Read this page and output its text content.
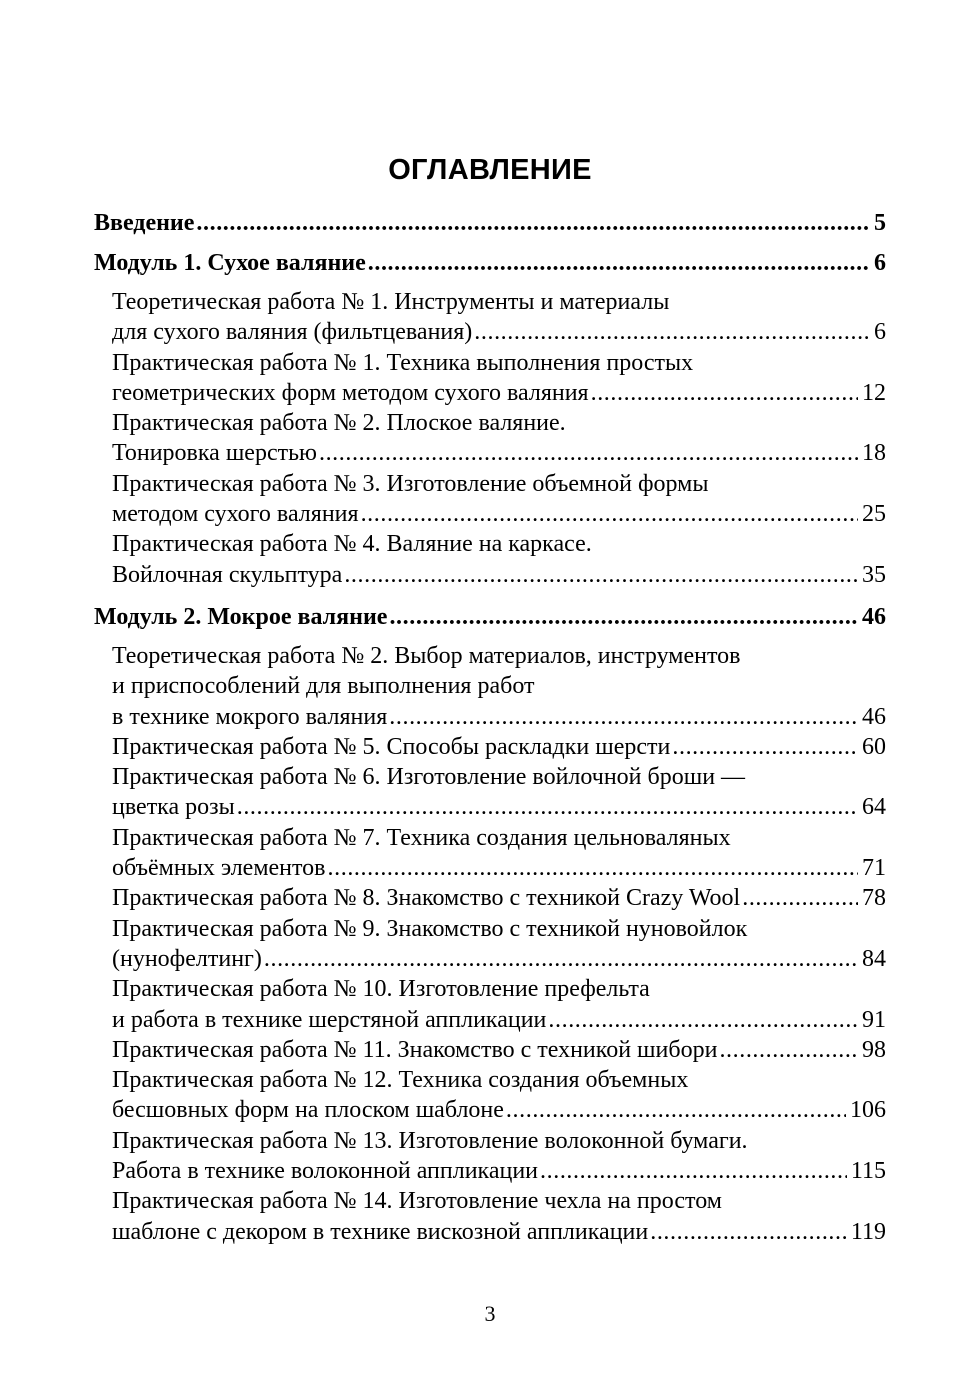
ОГЛАВЛЕНИЕ
Введение .....	5
Модуль 1. Сухое валяние .....	6
Теоретическая работа № 1. Инструменты и материалы
для сухого валяния (фильтцевания) .....	6
Практическая работа № 1. Техника выполнения простых
геометрических форм методом сухого валяния .....	12
Практическая работа № 2. Плоское валяние.
Тонировка шерстью .....	18
Практическая работа № 3. Изготовление объемной формы
методом сухого валяния .....	25
Практическая работа № 4. Валяние на каркасе.
Войлочная скульптура .....	35
Модуль 2. Мокрое валяние .....	46
Теоретическая работа № 2. Выбор материалов, инструментов
и приспособлений для выполнения работ
в технике мокрого валяния .....	46
Практическая работа № 5. Способы раскладки шерсти .....	60
Практическая работа № 6. Изготовление войлочной броши —
цветка розы .....	64
Практическая работа № 7. Техника создания цельноваляных
объёмных элементов .....	71
Практическая работа № 8. Знакомство с техникой Crazy Wool .....	78
Практическая работа № 9. Знакомство с техникой нуновойлок
(нунофелтинг) .....	84
Практическая работа № 10. Изготовление префельта
и работа в технике шерстяной аппликации .....	91
Практическая работа № 11. Знакомство с техникой шибори .....	98
Практическая работа № 12. Техника создания объемных
бесшовных форм на плоском шаблоне .....	106
Практическая работа № 13. Изготовление волоконной бумаги.
Работа в технике волоконной аппликации .....	115
Практическая работа № 14. Изготовление чехла на простом
шаблоне с декором в технике вискозной аппликации .....	119
3
